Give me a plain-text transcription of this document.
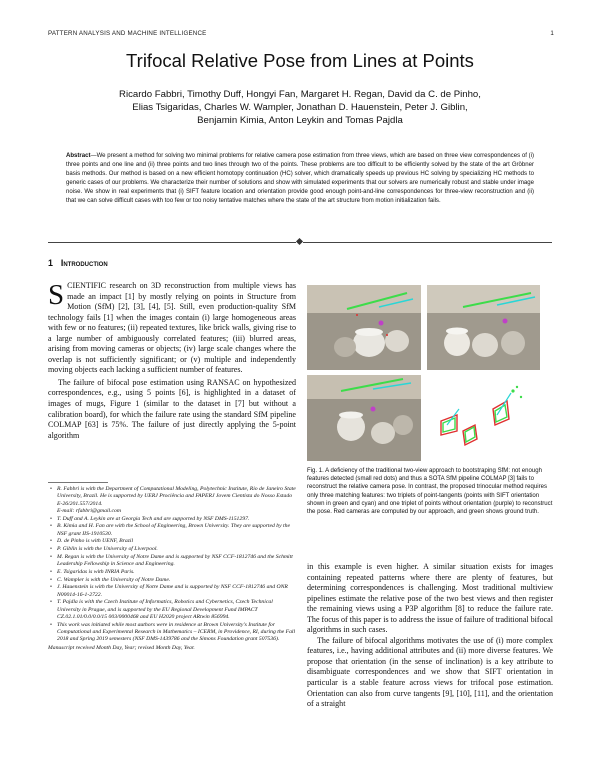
PATTERN ANALYSIS AND MACHINE INTELLIGENCE	1
Trifocal Relative Pose from Lines at Points
Ricardo Fabbri, Timothy Duff, Hongyi Fan, Margaret H. Regan, David da C. de Pinho,
Elias Tsigaridas, Charles W. Wampler, Jonathan D. Hauenstein, Peter J. Giblin,
Benjamin Kimia, Anton Leykin and Tomas Pajdla
Abstract—We present a method for solving two minimal problems for relative camera pose estimation from three views, which are based on three view correspondences of (i) three points and one line and (ii) three points and two lines through two of the points. These problems are too difficult to be efficiently solved by the state of the art Gröbner basis methods. Our method is based on a new efficient homotopy continuation (HC) solver, which dramatically speeds up previous HC solving by specializing HC methods to generic cases of our problems. We characterize their number of solutions and show with simulated experiments that our solvers are numerically robust and stable under image noise. We show in real experiments that (i) SIFT feature location and orientation provide good enough point-and-line correspondences for three-view reconstruction and (ii) that we can solve difficult cases with too few or too noisy tentative matches where the state of the art structure from motion initialization fails.
1 Introduction
SCIENTIFIC research on 3D reconstruction from multiple views has made an impact [1] by mostly relying on points in Structure from Motion (SfM) [2], [3], [4], [5]. Still, even production-quality SfM technology fails [1] when the images contain (i) large homogeneous areas with few or no features; (ii) repeated textures, like brick walls, giving rise to a large number of ambiguously correlated features; (iii) blurred areas, arising from moving cameras or objects; (iv) large scale changes where the overlap is not sufficiently significant; or (v) multiple and independently moving objects each lacking a sufficient number of features.
The failure of bifocal pose estimation using RANSAC on hypothesized correspondences, e.g., using 5 points [6], is highlighted in a dataset of images of mugs, Figure 1 (similar to the dataset in [7] but without a calibration board), for which the failure rate using the standard SfM pipeline COLMAP [63] is 75%. The failure of just directly applying the 5-point algorithm
• R. Fabbri is with the Department of Computational Modeling, Polytechnic Institute, Rio de Janeiro State University, Brazil. He is supported by UERJ Prociência and FAPERJ Jovem Cientista do Nosso Estado E-26/201.557/2014.
E-mail: rfabbri@gmail.com
• T. Duff and A. Leykin are at Georgia Tech and are supported by NSF DMS-1151297.
• B. Kimia and H. Fan are with the School of Engineering, Brown University. They are supported by the NSF grant IIS-1910530.
• D. de Pinho is with UENF, Brazil
• P. Giblin is with the University of Liverpool.
• M. Regan is with the University of Notre Dame and is supported by NSF CCF-1812746 and the Schmitt Leadership Fellowship in Science and Engineering.
• E. Tsigaridas is with INRIA Paris.
• C. Wampler is with the University of Notre Dame.
• J. Hauenstein is with the University of Notre Dame and is supported by NSF CCF-1812746 and ONR N00014-16-1-2722.
• T. Pajdla is with the Czech Institute of Informatics, Robotics and Cybernetics, Czech Technical University in Prague, and is supported by the EU Regional Development Fund IMPACT CZ.02.1.01/0.0/0.0/15 003/0000468 and EU H2020 project ARtwin 856994.
• This work was initiated while most authors were in residence at Brown University's Institute for Computational and Experimental Research in Mathematics – ICERM, in Providence, RI, during the Fall 2018 and Spring 2019 semesters (NSF DMS-1439786 and the Simons Foundation grant 507536).
Manuscript received Month Day, Year; revised Month Day, Year.
Fig. 1. A deficiency of the traditional two-view approach to bootstraping SfM: not enough features detected (small red dots) and thus a SOTA SfM pipeline COLMAP [3] fails to reconstruct the relative camera pose. In contrast, the proposed trinocular method requires only three matching features: two triplets of point-tangents (points with SIFT orientation shown in green and cyan) and one triplet of points without orientation (purple) to reconstruct the pose. Red cameras are computed by our approach, and green shows ground truth.

in this example is even higher. A similar situation exists for images containing repeated patterns where there are plenty of features, but determining correspondences is challenging. Most traditional multiview pipelines estimate the relative pose of the two best views and then register the remaining views using a P3P algorithm [8] to reduce the failure rate. The focus of this paper is to address the issue of failure of traditional bifocal algorithms in such cases.

The failure of bifocal algorithms motivates the use of (i) more complex features, i.e., having additional attributes and (ii) more diverse features. We propose that orientation (in the sense of inclination) is a key attribute to disambiguate correspondences and we show that SIFT orientation in particular is a stable feature across views for trifocal pose estimation. Orientation can also from curve tangents [9], [10], [11], and the orientation of a straight
